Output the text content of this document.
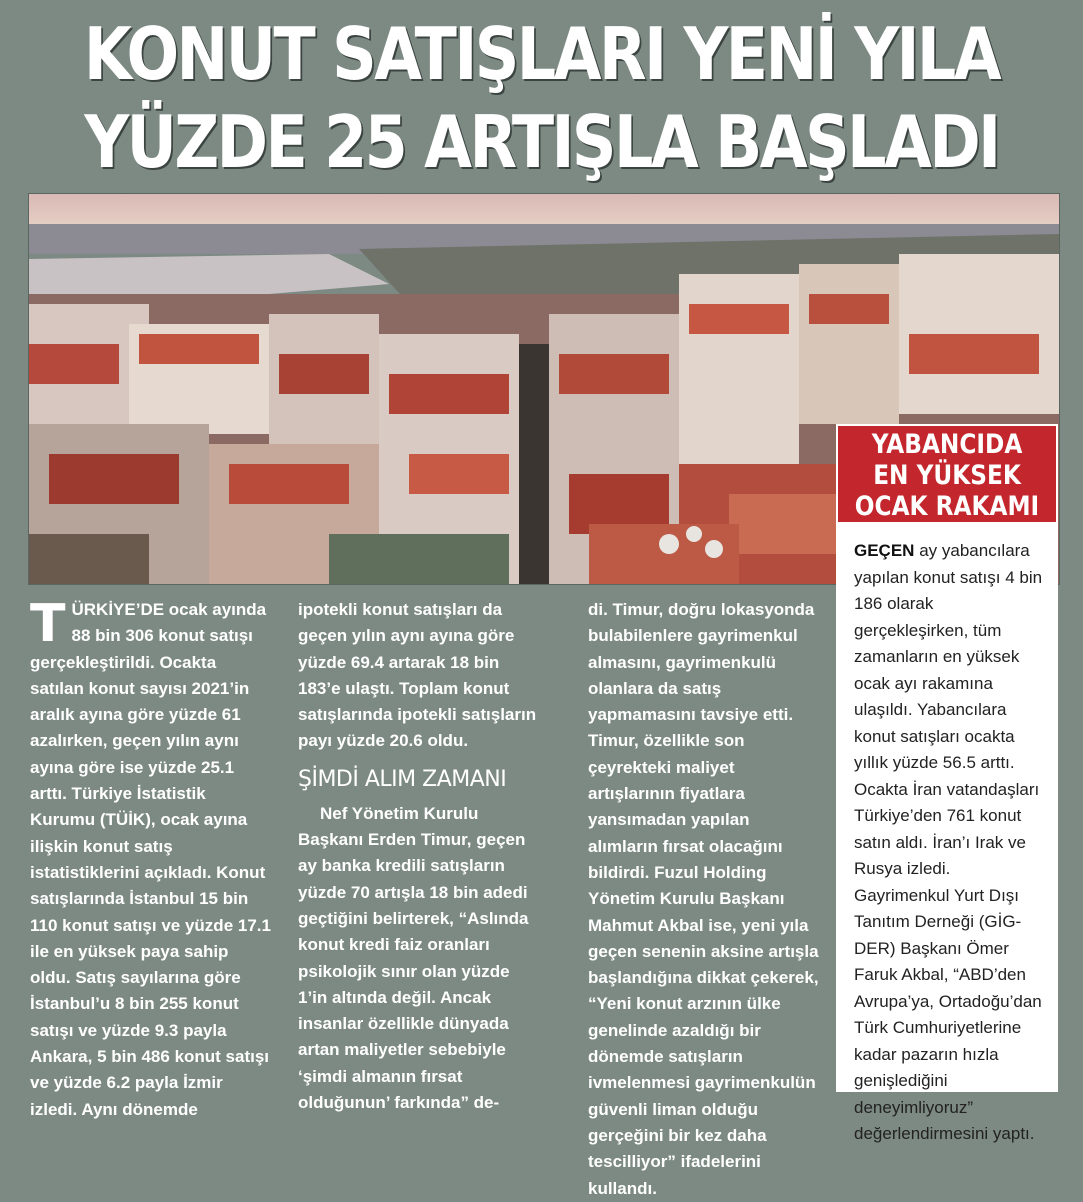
KONUT SATIŞLARI YENİ YILA
YÜZDE 25 ARTIŞLA BAŞLADI
YABANCIDA
EN YÜKSEK
OCAK RAKAMI

GEÇEN ay yabancılara yapılan konut satışı 4 bin 186 olarak gerçekleşirken, tüm zamanların en yüksek ocak ayı rakamına ulaşıldı. Yabancılara konut satışları ocakta yıllık yüzde 56.5 arttı. Ocakta İran vatandaşları Türkiye’den 761 konut satın aldı. İran’ı Irak ve Rusya izledi. Gayrimenkul Yurt Dışı Tanıtım Derneği (GİG-DER) Başkanı Ömer Faruk Akbal, “ABD’den Avrupa’ya, Ortadoğu’dan Türk Cumhuriyetlerine kadar pazarın hızla genişlediğini deneyimliyoruz” değerlendirmesini yaptı.

TÜRKİYE’DE ocak ayında 88 bin 306 konut satışı gerçekleştirildi. Ocakta satılan konut sayısı 2021’in aralık ayına göre yüzde 61 azalırken, geçen yılın aynı ayına göre ise yüzde 25.1 arttı. Türkiye İstatistik Kurumu (TÜİK), ocak ayına ilişkin konut satış istatistiklerini açıkladı. Konut satışlarında İstanbul 15 bin 110 konut satışı ve yüzde 17.1 ile en yüksek paya sahip oldu. Satış sayılarına göre İstanbul’u 8 bin 255 konut satışı ve yüzde 9.3 payla Ankara, 5 bin 486 konut satışı ve yüzde 6.2 payla İzmir izledi. Aynı dönemde

ipotekli konut satışları da geçen yılın aynı ayına göre yüzde 69.4 artarak 18 bin 183’e ulaştı. Toplam konut satışlarında ipotekli satışların payı yüzde 20.6 oldu.

ŞİMDİ ALIM ZAMANI

Nef Yönetim Kurulu Başkanı Erden Timur, geçen ay banka kredili satışların yüzde 70 artışla 18 bin adedi geçtiğini belirterek, “Aslında konut kredi faiz oranları psikolojik sınır olan yüzde 1’in altında değil. Ancak insanlar özellikle dünyada artan maliyetler sebebiyle ‘şimdi almanın fırsat olduğunun’ farkında” de-

di. Timur, doğru lokasyonda bulabilenlere gayrimenkul almasını, gayrimenkulü olanlara da satış yapmamasını tavsiye etti. Timur, özellikle son çeyrekteki maliyet artışlarının fiyatlara yansımadan yapılan alımların fırsat olacağını bildirdi. Fuzul Holding Yönetim Kurulu Başkanı Mahmut Akbal ise, yeni yıla geçen senenin aksine artışla başlandığına dikkat çekerek, “Yeni konut arzının ülke genelinde azaldığı bir dönemde satışların ivmelenmesi gayrimenkulün güvenli liman olduğu gerçeğini bir kez daha tescilliyor” ifadelerini kullandı.
